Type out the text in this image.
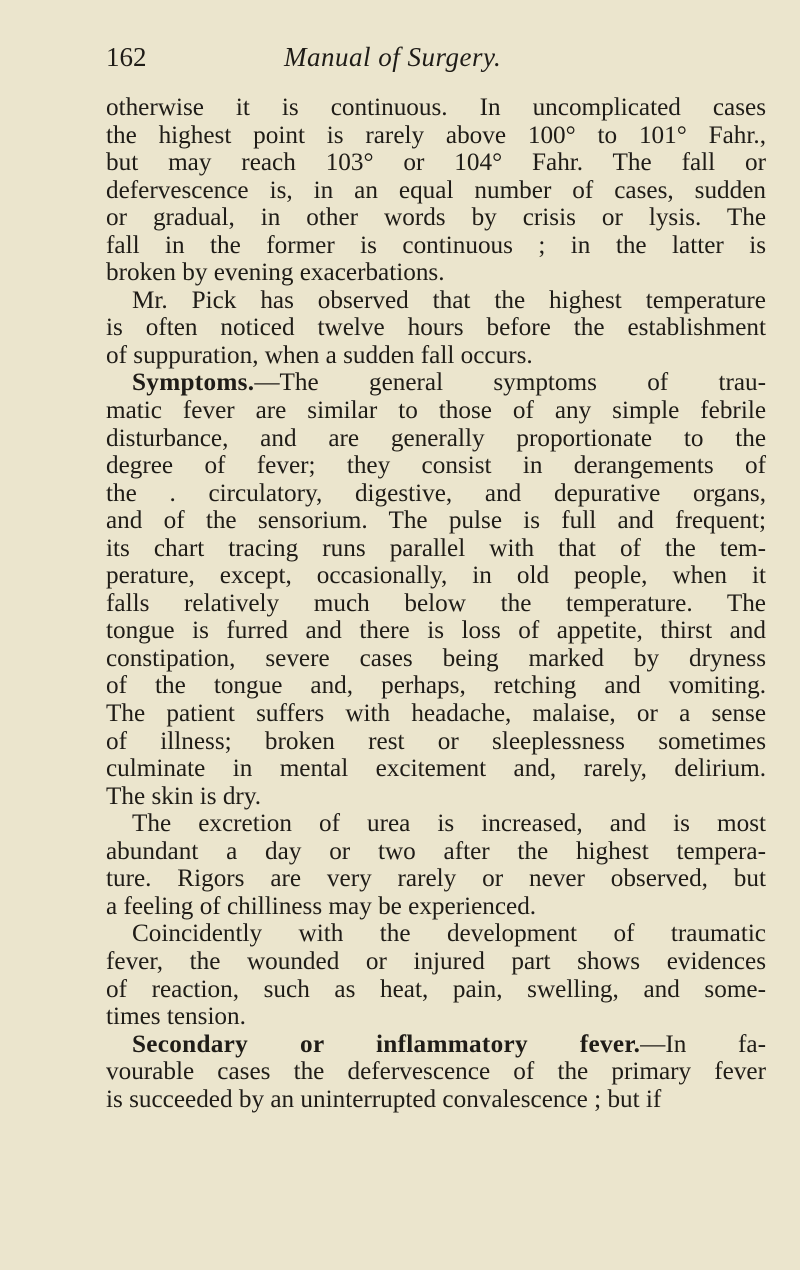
162	Manual of Surgery.
otherwise it is continuous. In uncomplicated cases
the highest point is rarely above 100° to 101° Fahr.,
but may reach 103° or 104° Fahr. The fall or
defervescence is, in an equal number of cases, sudden
or gradual, in other words by crisis or lysis. The
fall in the former is continuous ; in the latter is
broken by evening exacerbations.
Mr. Pick has observed that the highest temperature
is often noticed twelve hours before the establishment
of suppuration, when a sudden fall occurs.
Symptoms.—The general symptoms of trau-
matic fever are similar to those of any simple febrile
disturbance, and are generally proportionate to the
degree of fever; they consist in derangements of
the . circulatory, digestive, and depurative organs,
and of the sensorium. The pulse is full and frequent;
its chart tracing runs parallel with that of the tem-
perature, except, occasionally, in old people, when it
falls relatively much below the temperature. The
tongue is furred and there is loss of appetite, thirst and
constipation, severe cases being marked by dryness
of the tongue and, perhaps, retching and vomiting.
The patient suffers with headache, malaise, or a sense
of illness; broken rest or sleeplessness sometimes
culminate in mental excitement and, rarely, delirium.
The skin is dry.
The excretion of urea is increased, and is most
abundant a day or two after the highest tempera-
ture. Rigors are very rarely or never observed, but
a feeling of chilliness may be experienced.
Coincidently with the development of traumatic
fever, the wounded or injured part shows evidences
of reaction, such as heat, pain, swelling, and some-
times tension.
Secondary or inflammatory fever.—In fa-
vourable cases the defervescence of the primary fever
is succeeded by an uninterrupted convalescence ; but if
